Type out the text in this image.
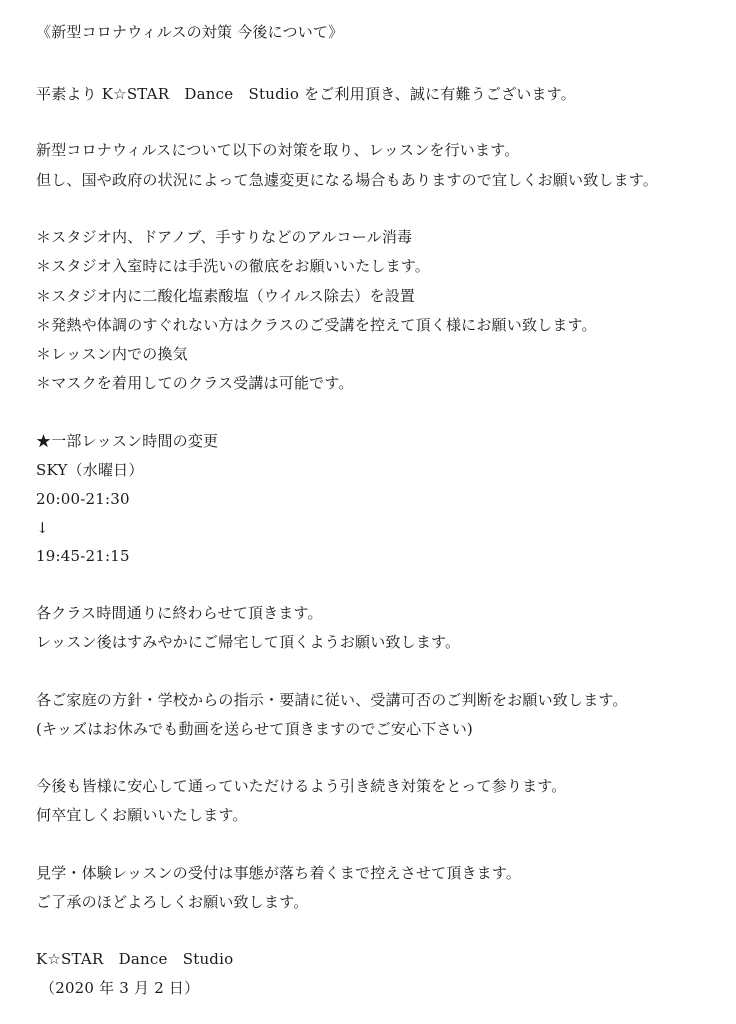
《新型コロナウィルスの対策 今後について》
平素より K☆STAR　Dance　Studio をご利用頂き、誠に有難うございます。
新型コロナウィルスについて以下の対策を取り、レッスンを行います。
但し、国や政府の状況によって急遽変更になる場合もありますので宜しくお願い致します。
＊スタジオ内、ドアノブ、手すりなどのアルコール消毒
＊スタジオ入室時には手洗いの徹底をお願いいたします。
＊スタジオ内に二酸化塩素酸塩（ウイルス除去）を設置
＊発熱や体調のすぐれない方はクラスのご受講を控えて頂く様にお願い致します。
＊レッスン内での換気
＊マスクを着用してのクラス受講は可能です。
★一部レッスン時間の変更
SKY（水曜日）
20:00-21:30
↓
19:45-21:15
各クラス時間通りに終わらせて頂きます。
レッスン後はすみやかにご帰宅して頂くようお願い致します。
各ご家庭の方針・学校からの指示・要請に従い、受講可否のご判断をお願い致します。
(キッズはお休みでも動画を送らせて頂きますのでご安心下さい)
今後も皆様に安心して通っていただけるよう引き続き対策をとって参ります。
何卒宜しくお願いいたします。
見学・体験レッスンの受付は事態が落ち着くまで控えさせて頂きます。
ご了承のほどよろしくお願い致します。
K☆STAR　Dance　Studio
（2020 年 3 月 2 日）
